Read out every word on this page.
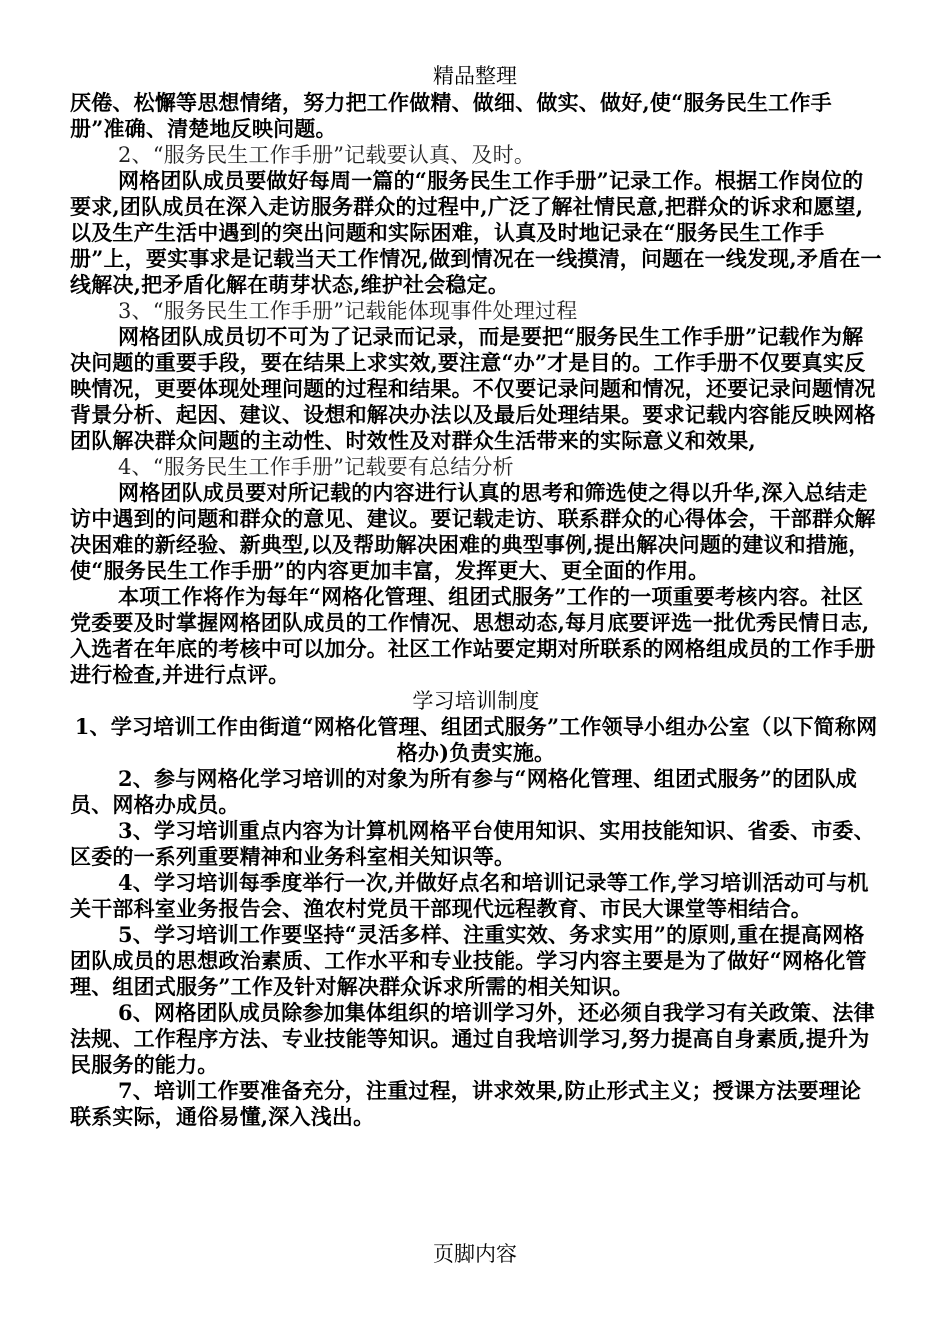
精品整理

厌倦、松懈等思想情绪，努力把工作做精、做细、做实、做好,使“服务民生工作手册”准确、清楚地反映问题。

2、“服务民生工作手册”记载要认真、及时。

网格团队成员要做好每周一篇的“服务民生工作手册”记录工作。根据工作岗位的要求,团队成员在深入走访服务群众的过程中,广泛了解社情民意,把群众的诉求和愿望,以及生产生活中遇到的突出问题和实际困难，认真及时地记录在“服务民生工作手册”上，要实事求是记载当天工作情况,做到情况在一线摸清，问题在一线发现,矛盾在一线解决,把矛盾化解在萌芽状态,维护社会稳定。

3、“服务民生工作手册”记载能体现事件处理过程

网格团队成员切不可为了记录而记录，而是要把“服务民生工作手册”记载作为解决问题的重要手段，要在结果上求实效,要注意“办”才是目的。工作手册不仅要真实反映情况，更要体现处理问题的过程和结果。不仅要记录问题和情况，还要记录问题情况背景分析、起因、建议、设想和解决办法以及最后处理结果。要求记载内容能反映网格团队解决群众问题的主动性、时效性及对群众生活带来的实际意义和效果,

4、“服务民生工作手册”记载要有总结分析

网格团队成员要对所记载的内容进行认真的思考和筛选使之得以升华,深入总结走访中遇到的问题和群众的意见、建议。要记载走访、联系群众的心得体会，干部群众解决困难的新经验、新典型,以及帮助解决困难的典型事例,提出解决问题的建议和措施，使“服务民生工作手册”的内容更加丰富，发挥更大、更全面的作用。

本项工作将作为每年“网格化管理、组团式服务”工作的一项重要考核内容。社区党委要及时掌握网格团队成员的工作情况、思想动态,每月底要评选一批优秀民情日志,入选者在年底的考核中可以加分。社区工作站要定期对所联系的网格组成员的工作手册进行检查,并进行点评。

学习培训制度

1、学习培训工作由街道“网格化管理、组团式服务”工作领导小组办公室（以下简称网格办)负责实施。

2、参与网格化学习培训的对象为所有参与“网格化管理、组团式服务”的团队成员、网格办成员。

3、学习培训重点内容为计算机网格平台使用知识、实用技能知识、省委、市委、区委的一系列重要精神和业务科室相关知识等。

4、学习培训每季度举行一次,并做好点名和培训记录等工作,学习培训活动可与机关干部科室业务报告会、渔农村党员干部现代远程教育、市民大课堂等相结合。

5、学习培训工作要坚持“灵活多样、注重实效、务求实用”的原则,重在提高网格团队成员的思想政治素质、工作水平和专业技能。学习内容主要是为了做好“网格化管理、组团式服务”工作及针对解决群众诉求所需的相关知识。

6、网格团队成员除参加集体组织的培训学习外，还必须自我学习有关政策、法律法规、工作程序方法、专业技能等知识。通过自我培训学习,努力提高自身素质,提升为民服务的能力。

7、培训工作要准备充分，注重过程，讲求效果,防止形式主义；授课方法要理论联系实际，通俗易懂,深入浅出。

页脚内容
